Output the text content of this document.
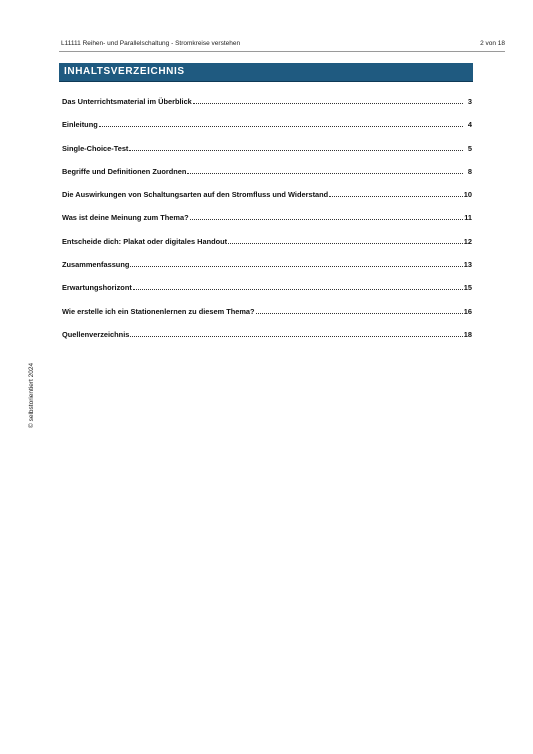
L11111 Reihen- und Parallelschaltung - Stromkreise verstehen	2 von 18
INHALTSVERZEICHNIS
Das Unterrichtsmaterial im Überblick	3
Einleitung	4
Single-Choice-Test	5
Begriffe und Definitionen Zuordnen	8
Die Auswirkungen von Schaltungsarten auf den Stromfluss und Widerstand	10
Was ist deine Meinung zum Thema?	11
Entscheide dich: Plakat oder digitales Handout	12
Zusammenfassung	13
Erwartungshorizont	15
Wie erstelle ich ein Stationenlernen zu diesem Thema?	16
Quellenverzeichnis	18
© selbstorientiert 2024
